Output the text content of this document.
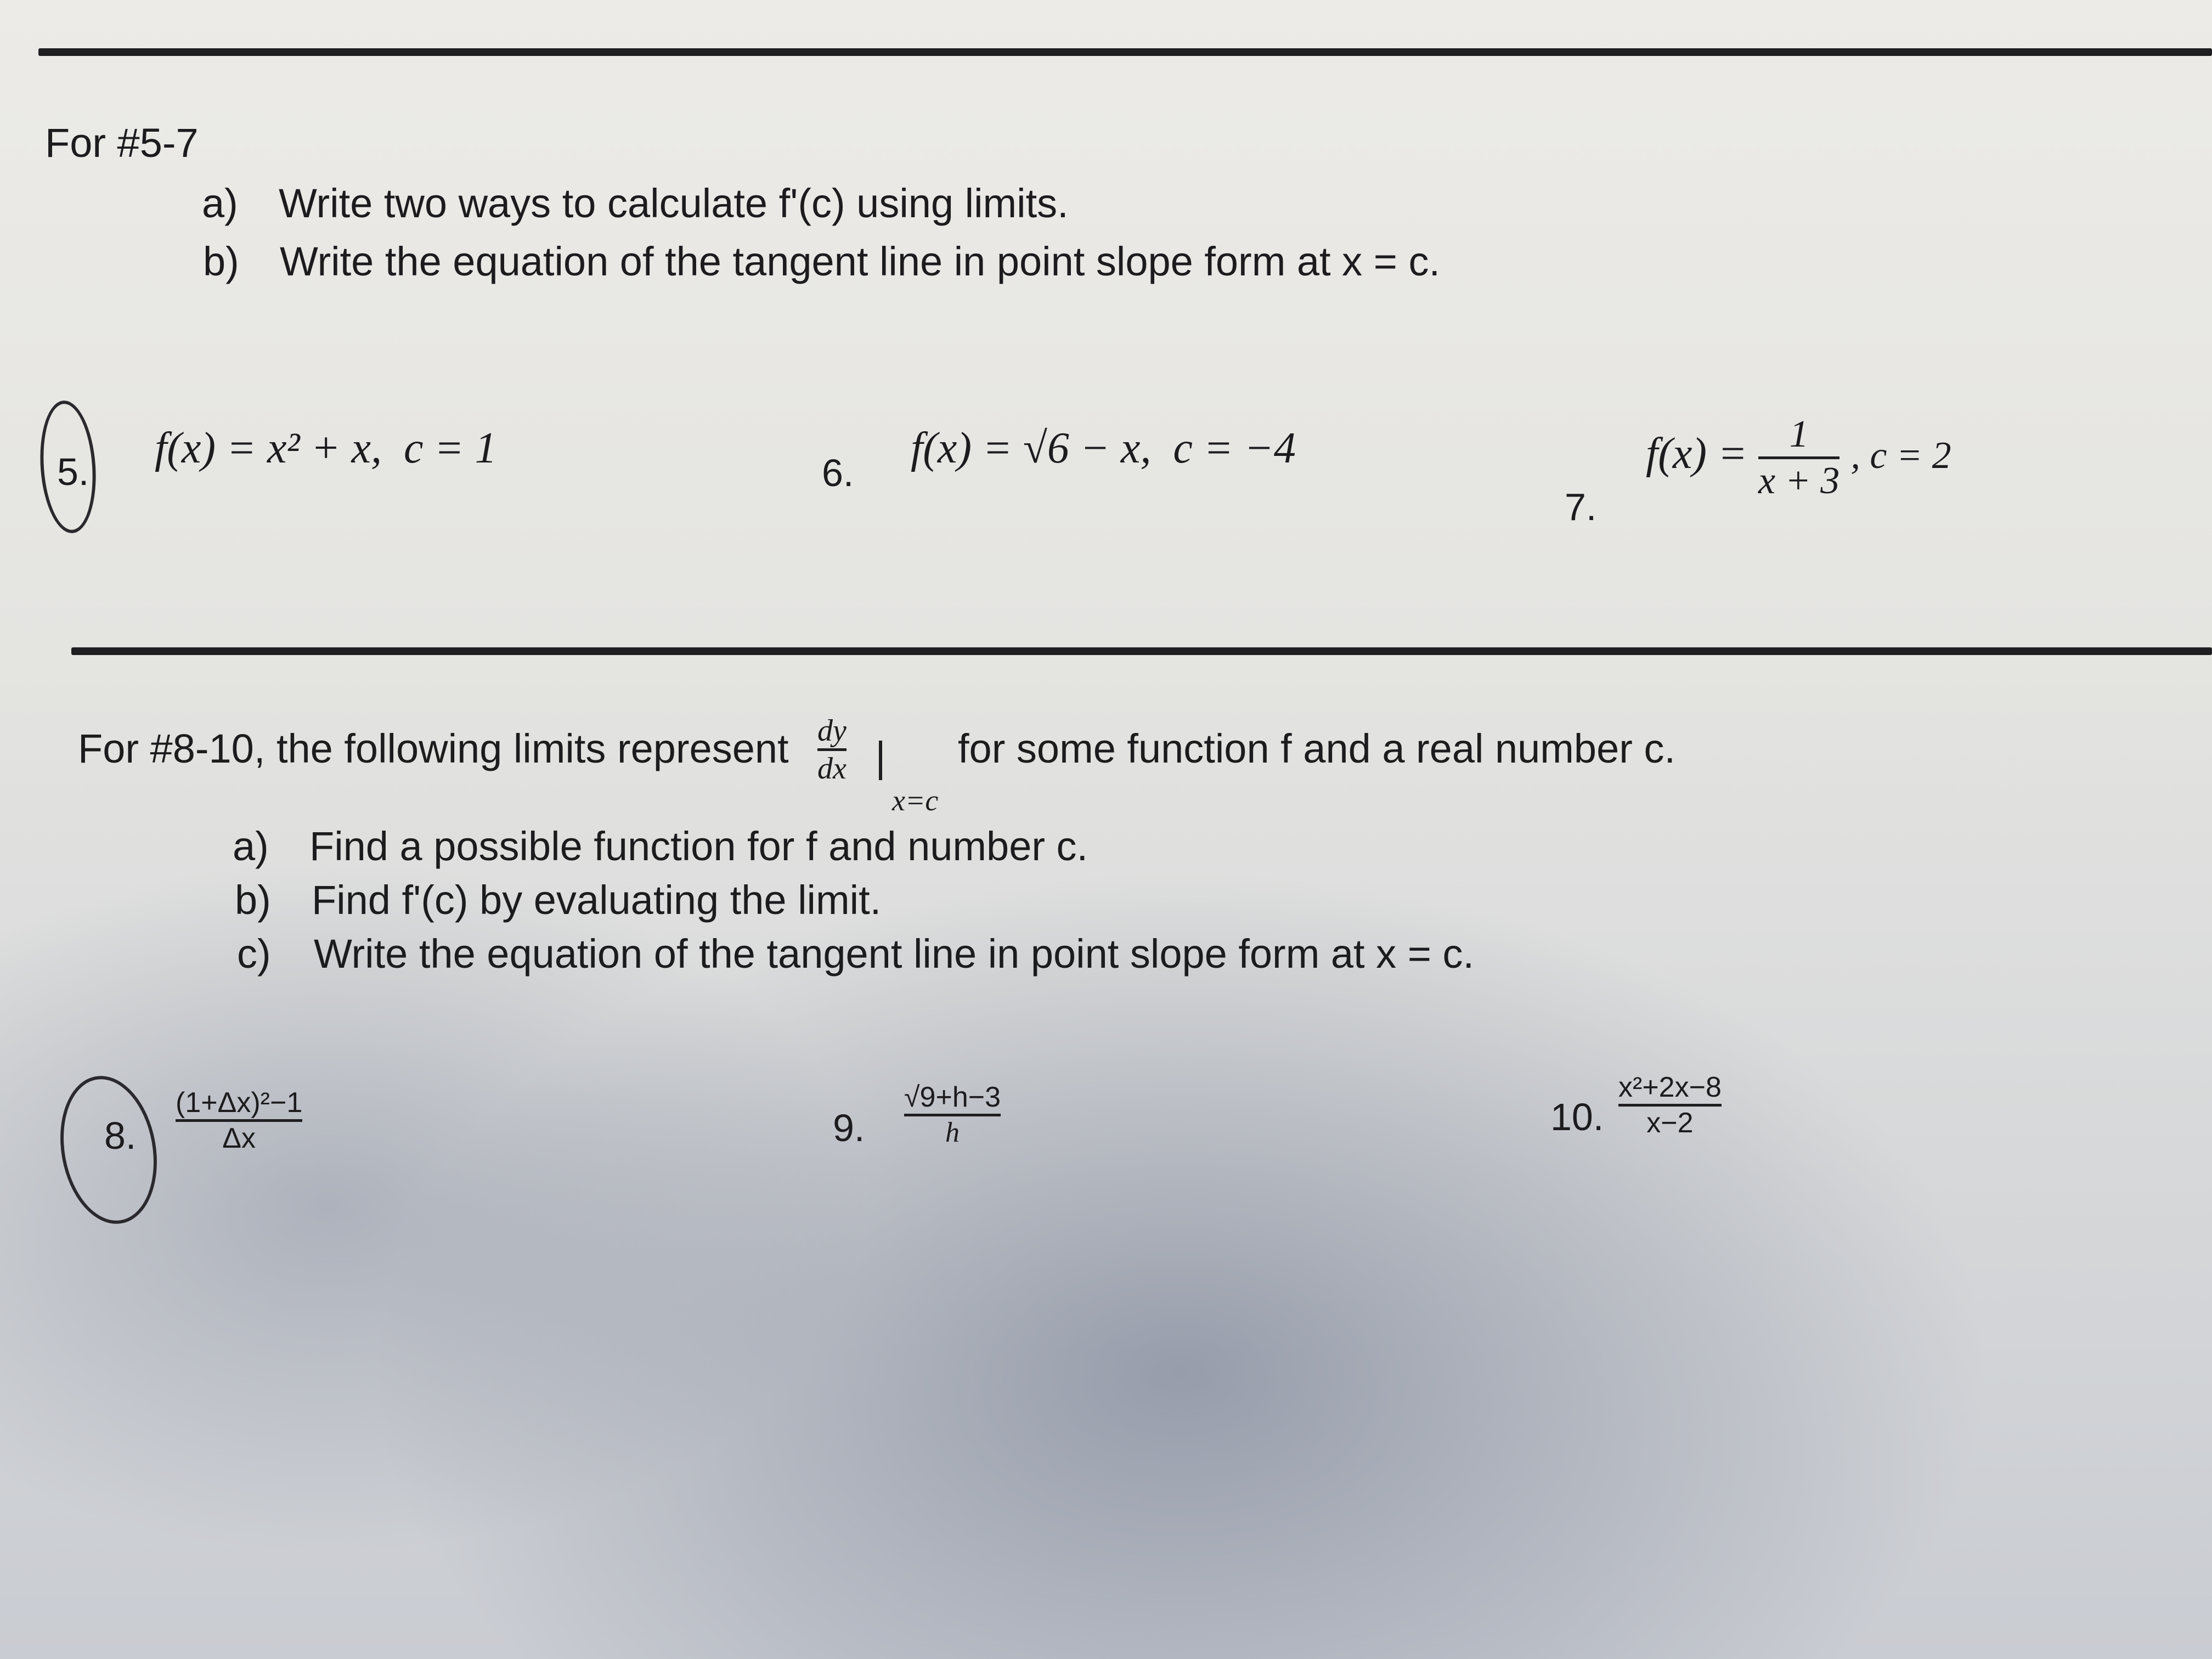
For #5-7
a) Write two ways to calculate f'(c) using limits.
b) Write the equation of the tangent line in point slope form at x = c.
5. f(x) = x² + x, c = 1
6.
f(x) = √6 − x, c = −4
7.
f(x) = 1
x + 3
, c = 2
For #8-10, the following limits represent dy
dx
x=c
for some function f and a real number c.
a) Find a possible function for f and number c.
b) Find f'(c) by evaluating the limit.
c) Write the equation of the tangent line in point slope form at x = c.
8.
(1+Δx)²−1
Δx	9.
√9+h−3
h	10.
x²+2x−8
x−2
